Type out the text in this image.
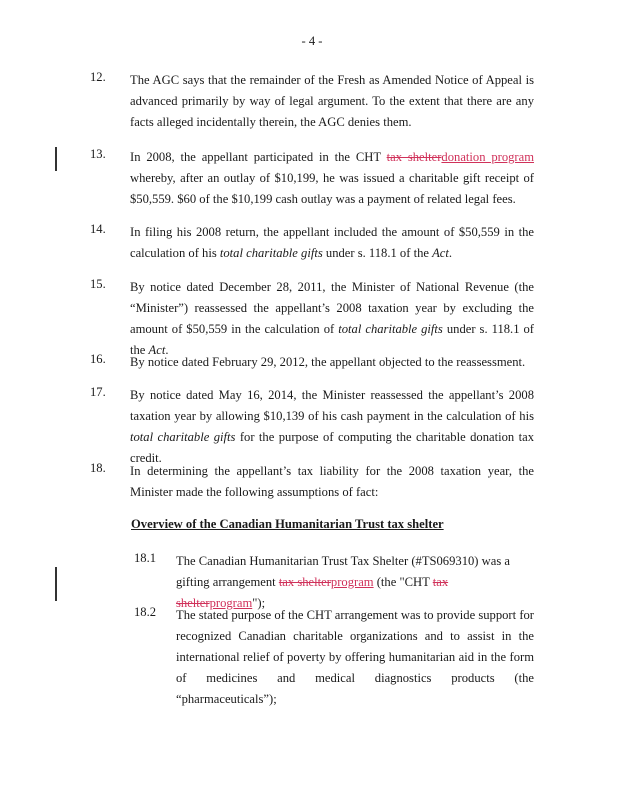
- 4 -
12. The AGC says that the remainder of the Fresh as Amended Notice of Appeal is advanced primarily by way of legal argument. To the extent that there are any facts alleged incidentally therein, the AGC denies them.
13. In 2008, the appellant participated in the CHT tax shelterdonation program whereby, after an outlay of $10,199, he was issued a charitable gift receipt of $50,559. $60 of the $10,199 cash outlay was a payment of related legal fees.
14. In filing his 2008 return, the appellant included the amount of $50,559 in the calculation of his total charitable gifts under s. 118.1 of the Act.
15. By notice dated December 28, 2011, the Minister of National Revenue (the “Minister”) reassessed the appellant’s 2008 taxation year by excluding the amount of $50,559 in the calculation of total charitable gifts under s. 118.1 of the Act.
16. By notice dated February 29, 2012, the appellant objected to the reassessment.
17. By notice dated May 16, 2014, the Minister reassessed the appellant’s 2008 taxation year by allowing $10,139 of his cash payment in the calculation of his total charitable gifts for the purpose of computing the charitable donation tax credit.
18. In determining the appellant’s tax liability for the 2008 taxation year, the Minister made the following assumptions of fact:
Overview of the Canadian Humanitarian Trust tax shelter
18.1 The Canadian Humanitarian Trust Tax Shelter (#TS069310) was a gifting arrangement tax shelterprogram (the "CHT tax shelterprogram");
18.2 The stated purpose of the CHT arrangement was to provide support for recognized Canadian charitable organizations and to assist in the international relief of poverty by offering humanitarian aid in the form of medicines and medical diagnostics products (the “pharmaceuticals”);
